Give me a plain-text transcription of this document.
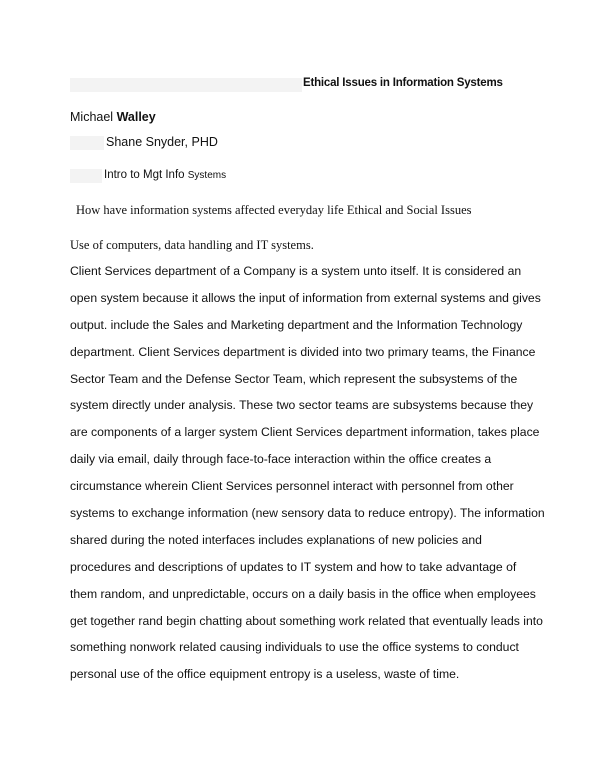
Ethical Issues in Information Systems
Michael Walley
Shane Snyder, PHD
Intro to Mgt Info Systems
How have information systems affected everyday life Ethical and Social Issues
Use of computers, data handling and IT systems.
Client Services department of a Company is a system unto itself. It is considered an
open system because it allows the input of information from external systems and gives
output. include the Sales and Marketing department and the Information Technology
department. Client Services department is divided into two primary teams, the Finance
Sector Team and the Defense Sector Team, which represent the subsystems of the
system directly under analysis. These two sector teams are subsystems because they
are components of a larger system Client Services department information, takes place
daily via email, daily through face-to-face interaction within the office creates a
circumstance wherein Client Services personnel interact with personnel from other
systems to exchange information (new sensory data to reduce entropy). The information
shared during the noted interfaces includes explanations of new policies and
procedures and descriptions of updates to IT system and how to take advantage of
them random, and unpredictable, occurs on a daily basis in the office when employees
get together rand begin chatting about something work related that eventually leads into
something nonwork related causing individuals to use the office systems to conduct
personal use of the office equipment entropy is a useless, waste of time.
